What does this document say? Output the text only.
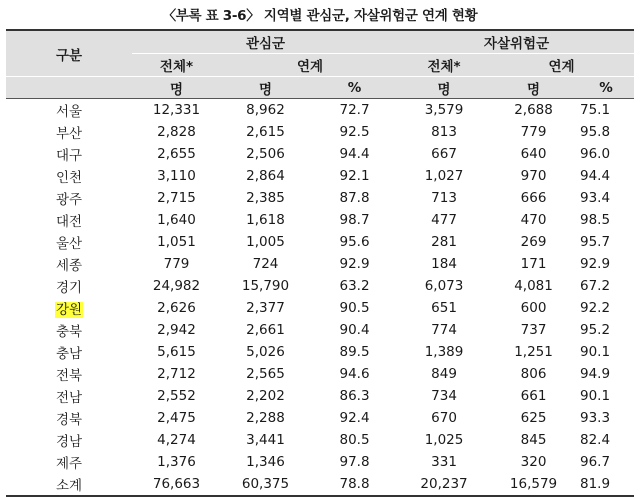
〈부록 표 3-6〉 지역별 관심군, 자살위험군 연계 현황
구분	관심군			자살위험군		
	전체*	연계		전체*	연계	
	명	명	%	명	명	%
서울	12,331	8,962	72.7	3,579	2,688	75.1
부산	2,828	2,615	92.5	813	779	95.8
대구	2,655	2,506	94.4	667	640	96.0
인천	3,110	2,864	92.1	1,027	970	94.4
광주	2,715	2,385	87.8	713	666	93.4
대전	1,640	1,618	98.7	477	470	98.5
울산	1,051	1,005	95.6	281	269	95.7
세종	779	724	92.9	184	171	92.9
경기	24,982	15,790	63.2	6,073	4,081	67.2
강원	2,626	2,377	90.5	651	600	92.2
충북	2,942	2,661	90.4	774	737	95.2
충남	5,615	5,026	89.5	1,389	1,251	90.1
전북	2,712	2,565	94.6	849	806	94.9
전남	2,552	2,202	86.3	734	661	90.1
경북	2,475	2,288	92.4	670	625	93.3
경남	4,274	3,441	80.5	1,025	845	82.4
제주	1,376	1,346	97.8	331	320	96.7
소계	76,663	60,375	78.8	20,237	16,579	81.9
